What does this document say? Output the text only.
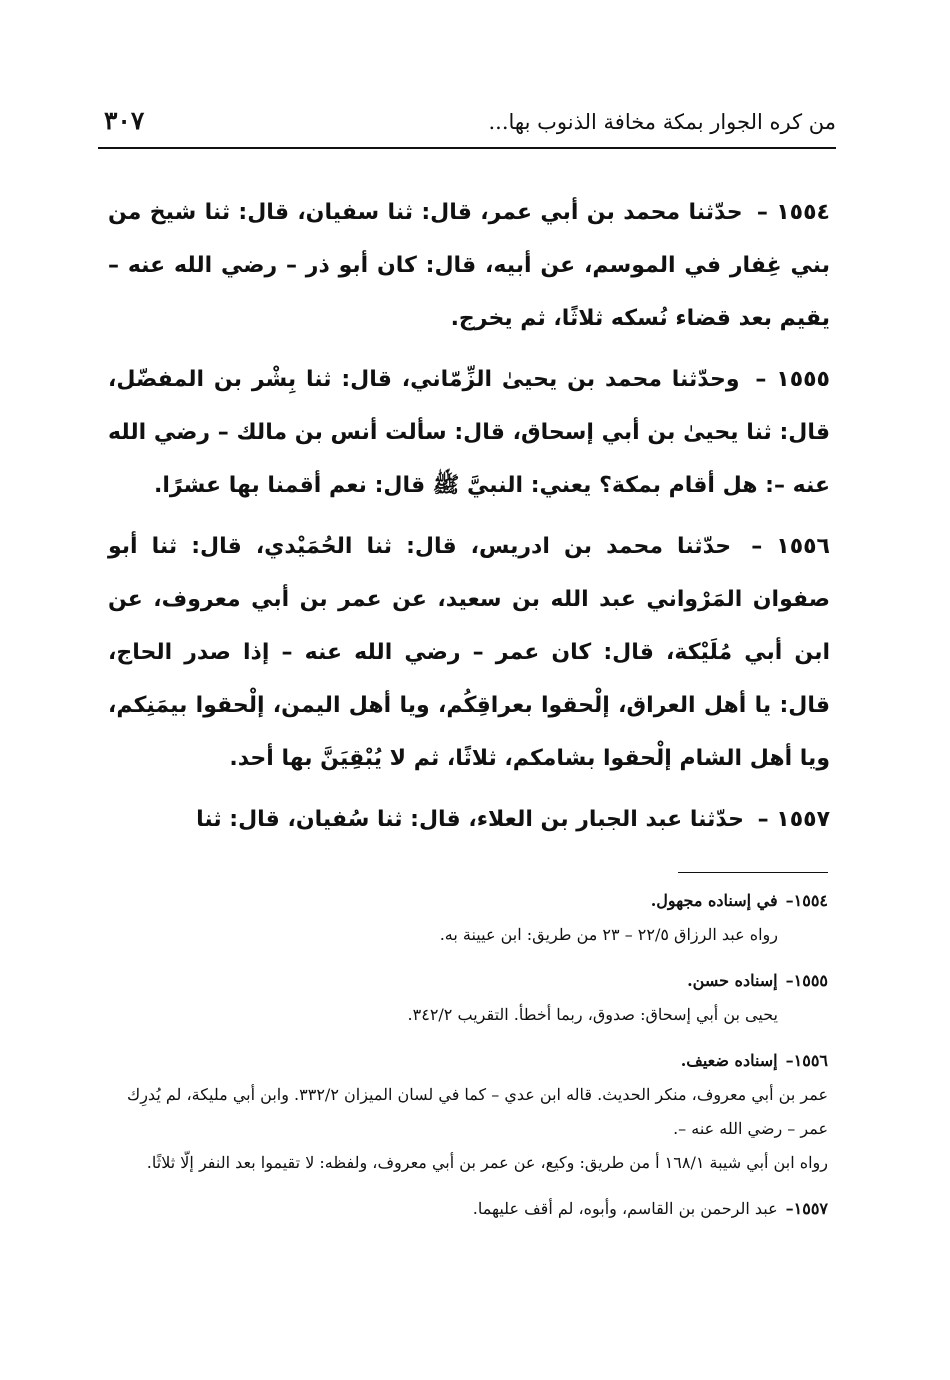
من كره الجوار بمكة مخافة الذنوب بها...
٣٠٧
١٥٥٤ – حدّثنا محمد بن أبي عمر، قال: ثنا سفيان، قال: ثنا شيخ من بني غِفار في الموسم، عن أبيه، قال: كان أبو ذر – رضي الله عنه – يقيم بعد قضاء نُسكه ثلاثًا، ثم يخرج.
١٥٥٥ – وحدّثنا محمد بن يحيىٰ الزِّمّاني، قال: ثنا بِشْر بن المفضّل، قال: ثنا يحيىٰ بن أبي إسحاق، قال: سألت أنس بن مالك – رضي الله عنه –: هل أقام بمكة؟ يعني: النبيَّ ﷺ قال: نعم أقمنا بها عشرًا.
١٥٥٦ – حدّثنا محمد بن ادريس، قال: ثنا الحُمَيْدي، قال: ثنا أبو صفوان المَرْواني عبد الله بن سعيد، عن عمر بن أبي معروف، عن ابن أبي مُلَيْكة، قال: كان عمر – رضي الله عنه – إذا صدر الحاج، قال: يا أهل العراق، إلْحقوا بعراقِكُم، ويا أهل اليمن، إلْحقوا بيمَنِكم، ويا أهل الشام إلْحقوا بشامكم، ثلاثًا، ثم لا يُبْقِيَنَّ بها أحد.
١٥٥٧ – حدّثنا عبد الجبار بن العلاء، قال: ثنا سُفيان، قال: ثنا
١٥٥٤–في إسناده مجهول.
رواه عبد الرزاق ٢٢/٥ – ٢٣ من طريق: ابن عيينة به.
١٥٥٥–إسناده حسن.
يحيى بن أبي إسحاق: صدوق، ربما أخطأ. التقريب ٣٤٢/٢.
١٥٥٦–إسناده ضعيف.
عمر بن أبي معروف، منكر الحديث. قاله ابن عدي – كما في لسان الميزان ٣٣٢/٢. وابن أبي مليكة، لم يُدرِك عمر – رضي الله عنه –.
رواه ابن أبي شيبة ١٦٨/١ أ من طريق: وكيع، عن عمر بن أبي معروف، ولفظه: لا تقيموا بعد النفر إلّا ثلاثًا.
١٥٥٧–عبد الرحمن بن القاسم، وأبوه، لم أقف عليهما.
